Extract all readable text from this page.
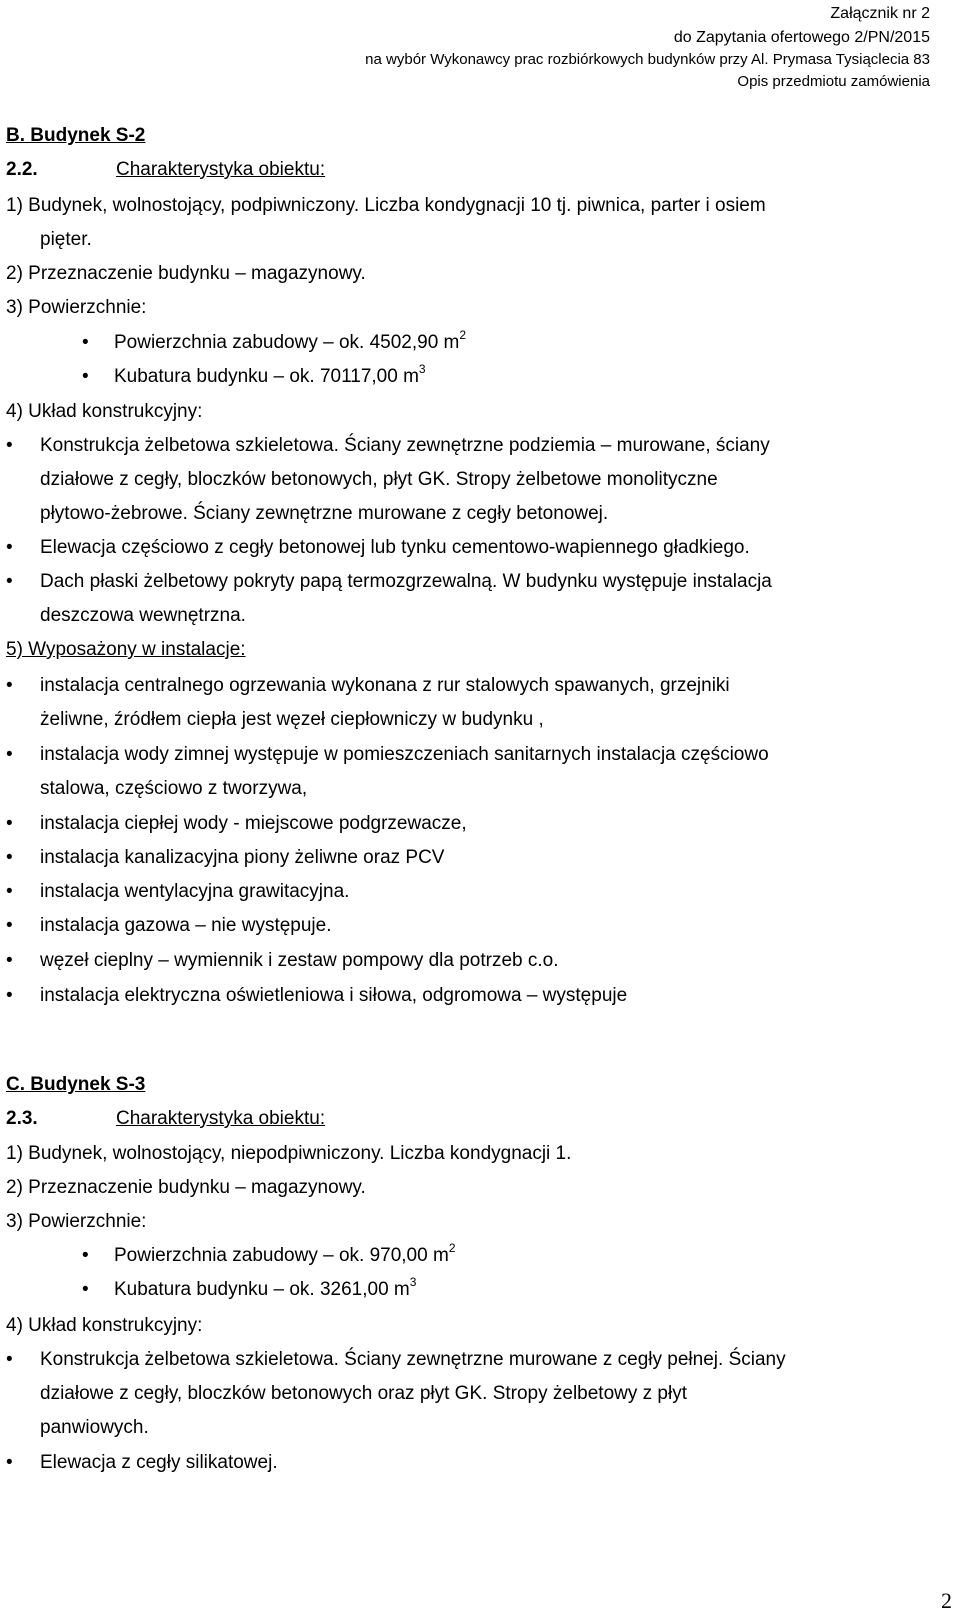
Załącznik nr 2
do Zapytania ofertowego 2/PN/2015
na wybór Wykonawcy prac rozbiórkowych budynków przy Al. Prymasa Tysiąclecia 83
Opis przedmiotu zamówienia
B. Budynek S-2
2.2.	Charakterystyka obiektu:
1) Budynek, wolnostojący, podpiwniczony. Liczba kondygnacji 10 tj. piwnica, parter i osiem
pięter.
2) Przeznaczenie budynku – magazynowy.
3) Powierzchnie:
• Powierzchnia zabudowy – ok. 4502,90 $m^2$
• Kubatura budynku – ok. 70117,00 $m^3$
4) Układ konstrukcyjny:
• Konstrukcja żelbetowa szkieletowa. Ściany zewnętrzne podziemia – murowane, ściany
działowe z cegły, bloczków betonowych, płyt GK. Stropy żelbetowe monolityczne
płytowo-żebrowe. Ściany zewnętrzne murowane z cegły betonowej.
• Elewacja częściowo z cegły betonowej lub tynku cementowo-wapiennego gładkiego.
• Dach płaski żelbetowy pokryty papą termozgrzewalną. W budynku występuje instalacja
deszczowa wewnętrzna.
5) Wyposażony w instalacje:
• instalacja centralnego ogrzewania wykonana z rur stalowych spawanych, grzejniki
żeliwne, źródłem ciepła jest węzeł ciepłowniczy w budynku ,
• instalacja wody zimnej występuje w pomieszczeniach sanitarnych instalacja częściowo
stalowa, częściowo z tworzywa,
• instalacja ciepłej wody - miejscowe podgrzewacze,
• instalacja kanalizacyjna piony żeliwne oraz PCV
• instalacja wentylacyjna grawitacyjna.
• instalacja gazowa – nie występuje.
• węzeł cieplny – wymiennik i zestaw pompowy dla potrzeb c.o.
• instalacja elektryczna oświetleniowa i siłowa, odgromowa – występuje
C. Budynek S-3
2.3.	Charakterystyka obiektu:
1) Budynek, wolnostojący, niepodpiwniczony. Liczba kondygnacji 1.
2) Przeznaczenie budynku – magazynowy.
3) Powierzchnie:
• Powierzchnia zabudowy – ok. 970,00 $m^2$
• Kubatura budynku – ok. 3261,00 $m^3$
4) Układ konstrukcyjny:
• Konstrukcja żelbetowa szkieletowa. Ściany zewnętrzne murowane z cegły pełnej. Ściany
działowe z cegły, bloczków betonowych oraz płyt GK. Stropy żelbetowy z płyt
panwiowych.
• Elewacja z cegły silikatowej.
2
